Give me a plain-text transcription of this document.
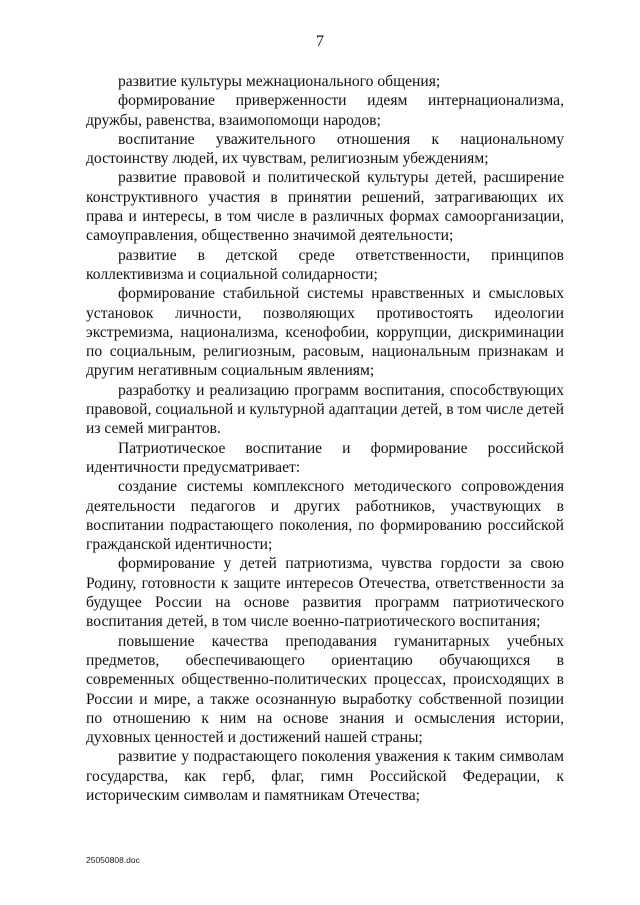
7

развитие культуры межнационального общения;

формирование приверженности идеям интернационализма, дружбы, равенства, взаимопомощи народов;

воспитание уважительного отношения к национальному достоинству людей, их чувствам, религиозным убеждениям;

развитие правовой и политической культуры детей, расширение конструктивного участия в принятии решений, затрагивающих их права и интересы, в том числе в различных формах самоорганизации, самоуправления, общественно значимой деятельности;

развитие в детской среде ответственности, принципов коллективизма и социальной солидарности;

формирование стабильной системы нравственных и смысловых установок личности, позволяющих противостоять идеологии экстремизма, национализма, ксенофобии, коррупции, дискриминации по социальным, религиозным, расовым, национальным признакам и другим негативным социальным явлениям;

разработку и реализацию программ воспитания, способствующих правовой, социальной и культурной адаптации детей, в том числе детей из семей мигрантов.

Патриотическое воспитание и формирование российской идентичности предусматривает:

создание системы комплексного методического сопровождения деятельности педагогов и других работников, участвующих в воспитании подрастающего поколения, по формированию российской гражданской идентичности;

формирование у детей патриотизма, чувства гордости за свою Родину, готовности к защите интересов Отечества, ответственности за будущее России на основе развития программ патриотического воспитания детей, в том числе военно-патриотического воспитания;

повышение качества преподавания гуманитарных учебных предметов, обеспечивающего ориентацию обучающихся в современных общественно-политических процессах, происходящих в России и мире, а также осознанную выработку собственной позиции по отношению к ним на основе знания и осмысления истории, духовных ценностей и достижений нашей страны;

развитие у подрастающего поколения уважения к таким символам государства, как герб, флаг, гимн Российской Федерации, к историческим символам и памятникам Отечества;

25050808.doc
